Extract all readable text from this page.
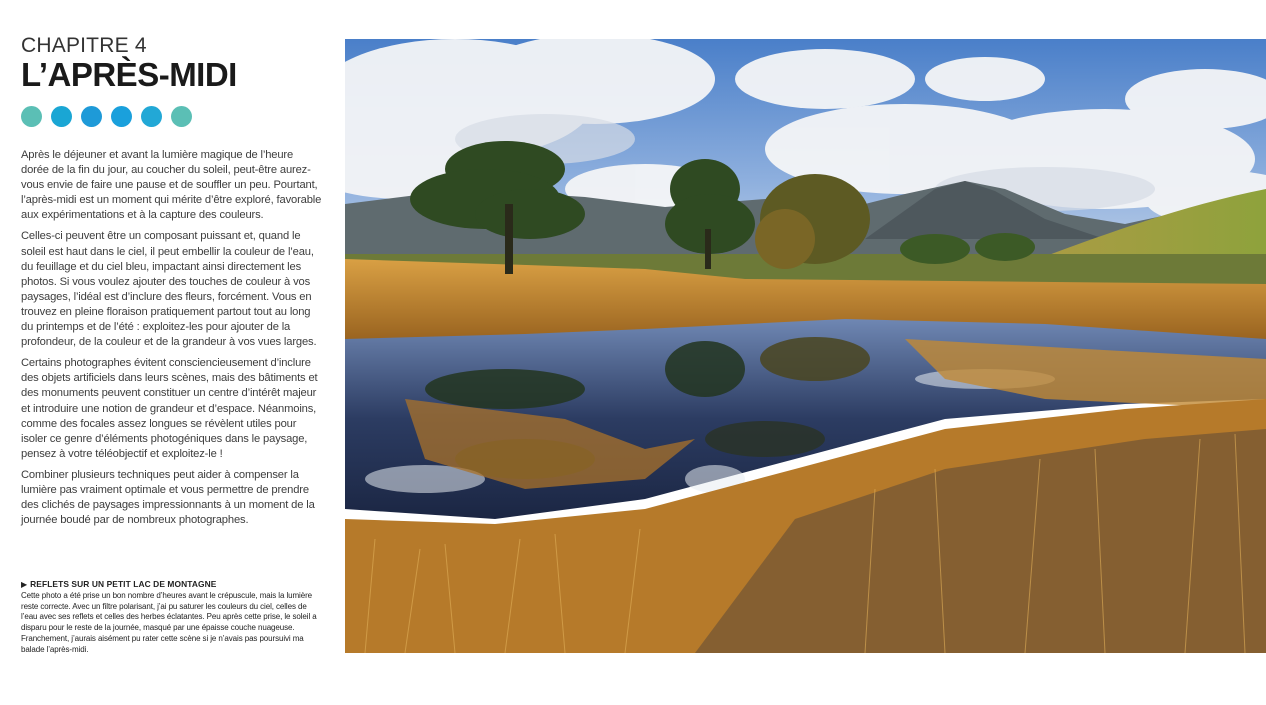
CHAPITRE 4
L’APRÈS-MIDI

Après le déjeuner et avant la lumière magique de l’heure dorée de la fin du jour, au coucher du soleil, peut-être aurez-vous envie de faire une pause et de souffler un peu. Pourtant, l’après-midi est un moment qui mérite d’être exploré, favorable aux expérimentations et à la capture des couleurs.

Celles-ci peuvent être un composant puissant et, quand le soleil est haut dans le ciel, il peut embellir la couleur de l’eau, du feuillage et du ciel bleu, impactant ainsi directement les photos. Si vous voulez ajouter des touches de couleur à vos paysages, l’idéal est d’inclure des fleurs, forcément. Vous en trouvez en pleine floraison pratiquement partout tout au long du printemps et de l’été : exploitez-les pour ajouter de la profondeur, de la couleur et de la grandeur à vos vues larges.

Certains photographes évitent consciencieusement d’inclure des objets artificiels dans leurs scènes, mais des bâtiments et des monuments peuvent constituer un centre d’intérêt majeur et introduire une notion de grandeur et d’espace. Néanmoins, comme des focales assez longues se révèlent utiles pour isoler ce genre d’éléments photogéniques dans le paysage, pensez à votre téléobjectif et exploitez-le !

Combiner plusieurs techniques peut aider à compenser la lumière pas vraiment optimale et vous permettre de prendre des clichés de paysages impressionnants à un moment de la journée boudé par de nombreux photographes.

▶ REFLETS SUR UN PETIT LAC DE MONTAGNE
Cette photo a été prise un bon nombre d’heures avant le crépuscule, mais la lumière reste correcte. Avec un filtre polarisant, j’ai pu saturer les couleurs du ciel, celles de l’eau avec ses reflets et celles des herbes éclatantes. Peu après cette prise, le soleil a disparu pour le reste de la journée, masqué par une épaisse couche nuageuse. Franchement, j’aurais aisément pu rater cette scène si je n’avais pas poursuivi ma balade l’après-midi.
